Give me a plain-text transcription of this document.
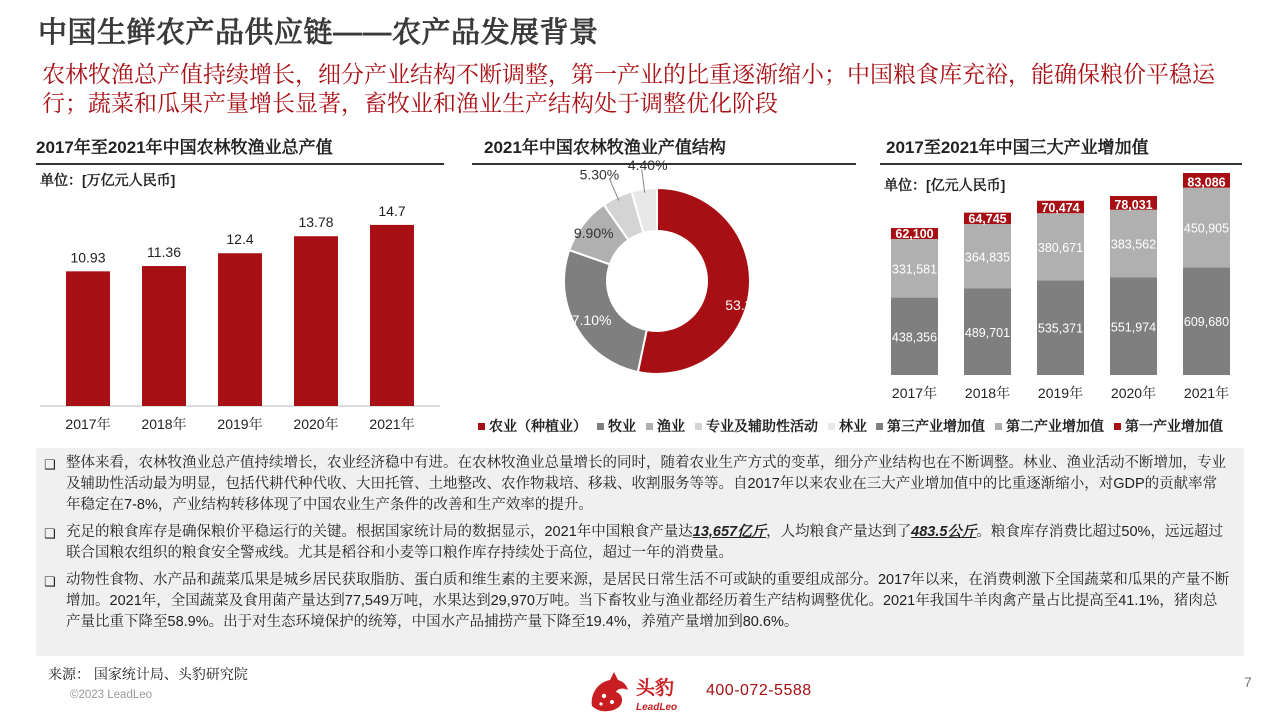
中国生鲜农产品供应链——农产品发展背景
农林牧渔总产值持续增长，细分产业结构不断调整，第一产业的比重逐渐缩小；中国粮食库充裕，能确保粮价平稳运行；蔬菜和瓜果产量增长显著，畜牧业和渔业生产结构处于调整优化阶段
2017年至2021年中国农林牧渔业总产值
单位：[万亿元人民币]
10.93
2017年
11.36
2018年
12.4
2019年
13.78
2020年
14.7
2021年
2021年中国农林牧渔业产值结构
53.30%
27.10%
9.90%
5.30%
4.40%
农业（种植业） 牧业 渔业 专业及辅助性活动 林业
2017至2021年中国三大产业增加值
单位：[亿元人民币]
438,356
331,581
62,100
2017年
489,701
364,835
64,745
2018年
535,371
380,671
70,474
2019年
551,974
383,562
78,031
2020年
609,680
450,905
83,086
2021年
第三产业增加值 第二产业增加值 第一产业增加值
❑ 整体来看，农林牧渔业总产值持续增长，农业经济稳中有进。在农林牧渔业总量增长的同时，随着农业生产方式的变革，细分产业结构也在不断调整。林业、渔业活动不断增加，专业及辅助性活动最为明显，包括代耕代种代收、大田托管、土地整改、农作物栽培、移栽、收割服务等等。自2017年以来农业在三大产业增加值中的比重逐渐缩小，对GDP的贡献率常年稳定在7-8%，产业结构转移体现了中国农业生产条件的改善和生产效率的提升。
❑ 充足的粮食库存是确保粮价平稳运行的关键。根据国家统计局的数据显示，2021年中国粮食产量达13,657亿斤，人均粮食产量达到了483.5公斤。粮食库存消费比超过50%，远远超过联合国粮农组织的粮食安全警戒线。尤其是稻谷和小麦等口粮作库存持续处于高位，超过一年的消费量。
❑ 动物性食物、水产品和蔬菜瓜果是城乡居民获取脂肪、蛋白质和维生素的主要来源，是居民日常生活不可或缺的重要组成部分。2017年以来，在消费刺激下全国蔬菜和瓜果的产量不断增加。2021年，全国蔬菜及食用菌产量达到77,549万吨，水果达到29,970万吨。当下畜牧业与渔业都经历着生产结构调整优化。2021年我国牛羊肉禽产量占比提高至41.1%，猪肉总产量比重下降至58.9%。出于对生态环境保护的统筹，中国水产品捕捞产量下降至19.4%，养殖产量增加到80.6%。
来源： 国家统计局、头豹研究院
©2023 LeadLeo	头豹
LeadLeo
400-072-5588	7
